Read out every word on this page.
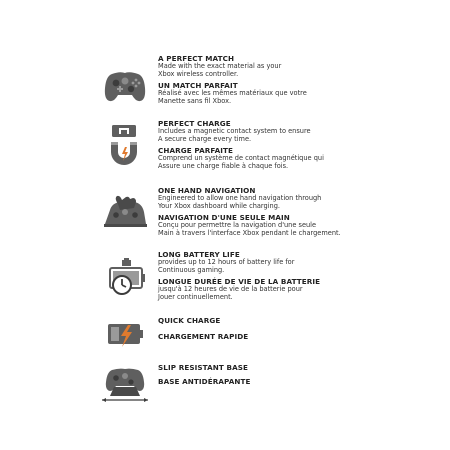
A PERFECT MATCH
Made with the exact material as your
Xbox wireless controller.
UN MATCH PARFAIT
Réalisé avec les mêmes matériaux que votre
Manette sans fil Xbox.
PERFECT CHARGE
Includes a magnetic contact system to ensure
A secure charge every time.
CHARGE PARFAITE
Comprend un système de contact magnétique qui
Assure une charge fiable à chaque fois.
ONE HAND NAVIGATION
Engineered to allow one hand navigation through
Your Xbox dashboard while charging.
NAVIGATION D'UNE SEULE MAIN
Conçu pour permettre la navigation d'une seule
Main à travers l'interface Xbox pendant le chargement.
LONG BATTERY LIFE
provides up to 12 hours of battery life for
Continuous gaming.
LONGUE DURÉE DE VIE DE LA BATTERIE
jusqu'à 12 heures de vie de la batterie pour
Jouer continuellement.
QUICK CHARGE
CHARGEMENT RAPIDE
SLIP RESISTANT BASE
BASE ANTIDÉRAPANTE
